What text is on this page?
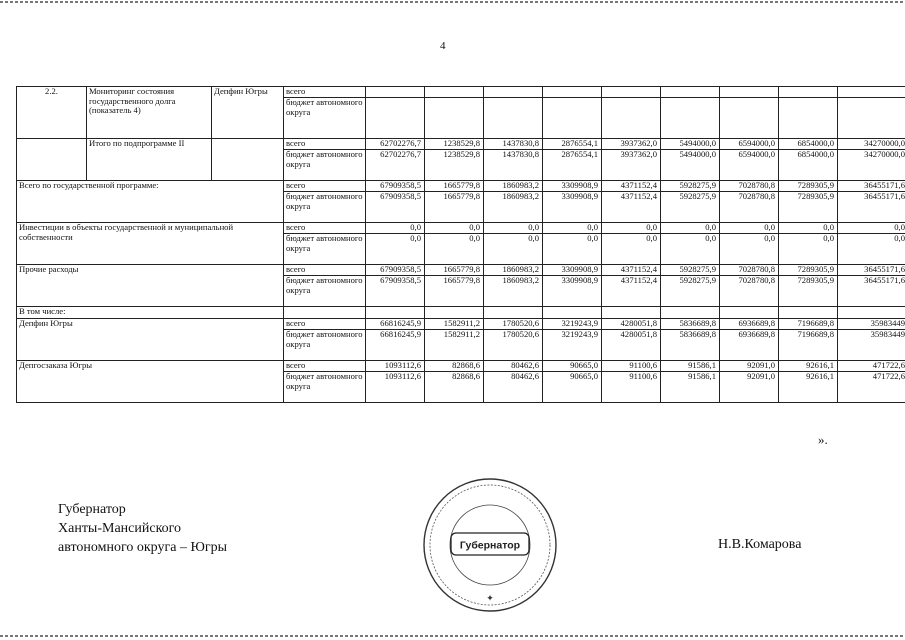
4
2.2.	Мониторинг состояния государственного долга (показатель 4)	Депфин Югры	всего									
			бюджет автономного округа									
	Итого по подпрограмме II		всего	62702276,7	1238529,8	1437830,8	2876554,1	3937362,0	5494000,0	6594000,0	6854000,0	34270000,0
			бюджет автономного округа	62702276,7	1238529,8	1437830,8	2876554,1	3937362,0	5494000,0	6594000,0	6854000,0	34270000,0
Всего по государственной программе:			всего	67909358,5	1665779,8	1860983,2	3309908,9	4371152,4	5928275,9	7028780,8	7289305,9	36455171,6
			бюджет автономного округа	67909358,5	1665779,8	1860983,2	3309908,9	4371152,4	5928275,9	7028780,8	7289305,9	36455171,6
Инвестиции в объекты государственной и муниципальной собственности			всего	0,0	0,0	0,0	0,0	0,0	0,0	0,0	0,0	0,0
			бюджет автономного округа	0,0	0,0	0,0	0,0	0,0	0,0	0,0	0,0	0,0
Прочие расходы			всего	67909358,5	1665779,8	1860983,2	3309908,9	4371152,4	5928275,9	7028780,8	7289305,9	36455171,6
			бюджет автономного округа	67909358,5	1665779,8	1860983,2	3309908,9	4371152,4	5928275,9	7028780,8	7289305,9	36455171,6
В том числе:												
Депфин Югры			всего	66816245,9	1582911,2	1780520,6	3219243,9	4280051,8	5836689,8	6936689,8	7196689,8	35983449
			бюджет автономного округа	66816245,9	1582911,2	1780520,6	3219243,9	4280051,8	5836689,8	6936689,8	7196689,8	35983449
Депгосзаказа Югры			всего	1093112,6	82868,6	80462,6	90665,0	91100,6	91586,1	92091,0	92616,1	471722,6
			бюджет автономного округа	1093112,6	82868,6	80462,6	90665,0	91100,6	91586,1	92091,0	92616,1	471722,6
».
Губернатор
Ханты-Мансийского
автономного округа – Югры	Губернатор
✦
Н.В.Комарова
